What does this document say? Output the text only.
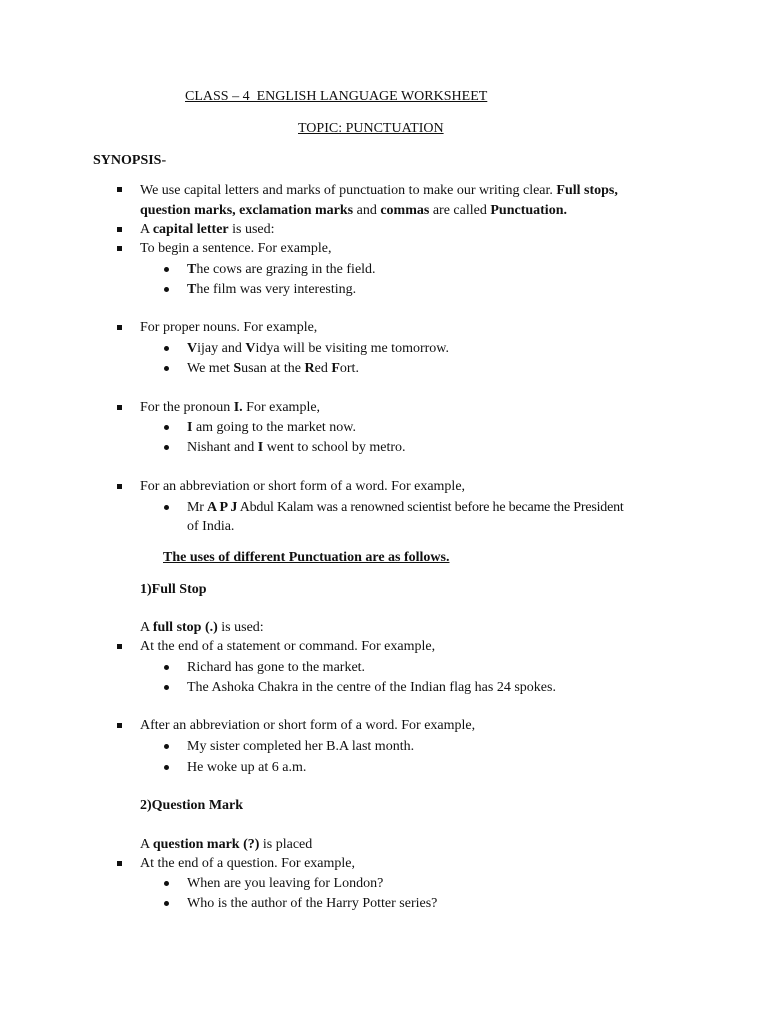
CLASS – 4  ENGLISH LANGUAGE WORKSHEET
TOPIC: PUNCTUATION
SYNOPSIS-
We use capital letters and marks of punctuation to make our writing clear. Full stops,
question marks, exclamation marks and commas are called Punctuation.
A capital letter is used:
To begin a sentence. For example,
The cows are grazing in the field.
The film was very interesting.
For proper nouns. For example,
Vijay and Vidya will be visiting me tomorrow.
We met Susan at the Red Fort.
For the pronoun I. For example,
I am going to the market now.
Nishant and I went to school by metro.
For an abbreviation or short form of a word. For example,
Mr A P J Abdul Kalam was a renowned scientist before he became the President
of India.
The uses of different Punctuation are as follows.
1)Full Stop
A full stop (.) is used:
At the end of a statement or command. For example,
Richard has gone to the market.
The Ashoka Chakra in the centre of the Indian flag has 24 spokes.
After an abbreviation or short form of a word. For example,
My sister completed her B.A last month.
He woke up at 6 a.m.
2)Question Mark
A question mark (?) is placed
At the end of a question. For example,
When are you leaving for London?
Who is the author of the Harry Potter series?
